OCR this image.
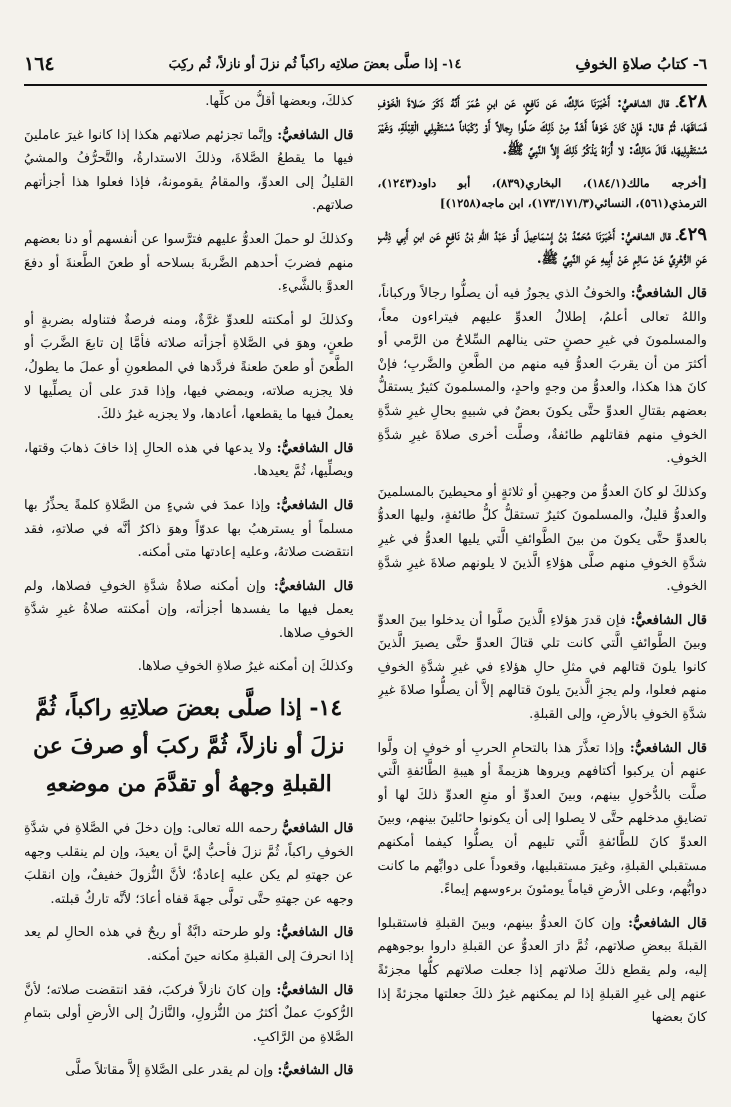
٦- كتابُ صلاةِ الخوفِ
١٤- إذا صلَّى بعضَ صلاتِه راكباً ثُم نزلَ أو نازلاً، ثُم ركِبَ
١٦٤

٤٢٨ـ قال الشافعيُّ: أَخْبَرَنَا مَالِكٌ، عَن نَافِعٍ، عَن ابنِ عُمَرَ أَنَّهُ ذَكَرَ صَلاةَ الْخَوْفِ فَسَاقَهَا، ثُمَّ قال: فَإِنْ كَانَ خَوْفاً أَشَدَّ مِنْ ذَلِكَ صَلَّوا رِجالاً أَوْ رُكْبَاناً مُسْتَقْبِلِي الْقِبْلَةِ، وَغَيْرَ مُسْتَقْبِلِيهَا، قَالَ مَالِكٌ: لا أُرَاهُ يَذْكُرُ ذَلِكَ إِلاَّ النَّبِيِّ ﷺ.

[أخرجه مالك(١٨٤/١)، البخاري(٨٣٩)، أبو داود(١٢٤٣)، الترمذي(٥٦١)، النسائي(١٧٣/١٧١/٣)، ابن ماجه(١٢٥٨)]

٤٢٩ـ قال الشافعيُّ: أَخْبَرَنَا مُحَمَّدُ بْنُ إِسْمَاعِيلَ أَوْ عَبْدُ اللهِ بْنُ نَافِعٍ عَن ابنِ أَبِي ذِئْبٍ عَنِ الزُّهْرِيِّ عَنْ سَالِمٍ عَنْ أَبِيهِ عَنِ النَّبِيِّ ﷺ.

قال الشافعيُّ: والخوفُ الذي يجوزُ فيه أن يصلُّوا رجالاً وركباناً، واللهُ تعالى أعلمُ، إطلالُ العدوِّ عليهم فيتراءون معاً، والمسلمونَ في غيرِ حصنٍ حتى ينالهم السِّلاحُ من الرَّمي أو أكثرَ من أن يقربَ العدوُّ فيه منهم من الطَّعنِ والضَّربِ؛ فإنْ كانَ هذا هكذا، والعدوُّ من وجهٍ واحدٍ، والمسلمونَ كثيرٌ يستقلُّ بعضهم بقتالِ العدوِّ حتَّى يكونَ بعضٌ في شبيهٍ بحالِ غيرِ شدَّةِ الخوفِ منهم فقاتلهم طائفةٌ، وصلَّت أخرى صلاةَ غيرِ شدَّةِ الخوفِ.

وكذلكَ لو كانَ العدوُّ من وجهينِ أو ثلاثةٍ أو محيطينَ بالمسلمينَ والعدوُّ قليلٌ، والمسلمونَ كثيرٌ تستقلُّ كلُّ طائفةٍ، وليها العدوُّ بالعدوِّ حتَّى يكونَ من بينَ الطَّوائفِ الَّتي يليها العدوُّ في غيرِ شدَّةِ الخوفِ منهم صلَّى هؤلاءِ الَّذينَ لا يلونهم صلاةَ غيرِ شدَّةِ الخوفِ.

قال الشافعيُّ: فإن قدرَ هؤلاءِ الَّذينَ صلَّوا أن يدخلوا بينَ العدوِّ وبينَ الطَّوائفِ الَّتي كانت تلي قتالَ العدوِّ حتَّى يصيرَ الَّذينَ كانوا يلونَ قتالهم في مثلِ حالِ هؤلاءِ في غيرِ شدَّةِ الخوفِ منهم فعلوا، ولم يجزِ الَّذينَ يلونَ قتالهم إلاَّ أن يصلُّوا صلاةَ غيرِ شدَّةِ الخوفِ بالأرضِ، وإلى القبلةِ.

قال الشافعيُّ: وإذا تعذَّرَ هذا بالتحامِ الحربِ أو خوفٍ إن ولَّوا عنهم أن يركبوا أكتافهم ويروها هزيمةً أو هيبةِ الطَّائفةِ الَّتي صلَّت بالدُّخولِ بينهم، وبينَ العدوِّ أو منعِ العدوِّ ذلكَ لها أو تضايقِ مدخلهم حتَّى لا يصلوا إلى أن يكونوا حائلينَ بينهم، وبينَ العدوِّ كانَ للطَّائفةِ الَّتي تليهم أن يصلُّوا كيفما أمكنهم مستقبلي القبلةِ، وغيرَ مستقبليها، وقعوداً على دوابِّهم ما كانت دوابُّهم، وعلى الأرضِ قياماً يومئونَ برءوسهم إيماءً.

قال الشافعيُّ: وإن كانَ العدوُّ بينهم، وبينَ القبلةِ فاستقبلوا القبلةَ ببعضِ صلاتهم، ثُمَّ دارَ العدوُّ عن القبلةِ داروا بوجوههم إليه، ولم يقطع ذلكَ صلاتهم إذا جعلت صلاتهم كلُّها مجزئةً عنهم إلى غيرِ القبلةِ إذا لم يمكنهم غيرُ ذلكَ جعلتها مجزئةً إذا كانَ بعضها

كذلكَ، وبعضها أقلُّ من كلِّها.

قال الشافعيُّ: وإنَّما تجزئهم صلاتهم هكذا إذا كانوا غيرَ عاملينَ فيها ما يقطعُ الصَّلاةَ، وذلكَ الاستدارةُ، والتَّحرُّفُ والمشيُ القليلُ إلى العدوِّ، والمقامُ يقومونهُ، فإذا فعلوا هذا أجزأتهم صلاتهم.

وكذلكَ لو حملَ العدوُّ عليهم فترَّسوا عن أنفسهم أو دنا بعضهم منهم فضربَ أحدهم الضَّربةَ بسلاحه أو طعنَ الطَّعنةَ أو دفعَ العدوَّ بالشَّيءِ.

وكذلكَ لو أمكنته للعدوِّ غرَّةٌ، ومنه فرصةٌ فتناوله بضربةٍ أو طعنٍ، وهوَ في الصَّلاةِ أجزأته صلاته فأمَّا إن تابعَ الضَّربَ أو الطَّعنَ أو طعنَ طعنةً فردَّدها في المطعونِ أو عملَ ما يطولُ، فلا يجزيه صلاته، ويمضي فيها، وإذا قدرَ على أن يصلِّيها لا يعملُ فيها ما يقطعها، أعادها، ولا يجزيه غيرُ ذلكَ.

قال الشافعيُّ: ولا يدعها في هذه الحالِ إذا خافَ ذهابَ وقتها، ويصلِّيها، ثُمَّ يعيدها.

قال الشافعيُّ: وإذا عمدَ في شيءٍ من الصَّلاةِ كلمةً يحذِّرُ بها مسلماً أو يسترهبُ بها عدوّاً وهوَ ذاكرٌ أنَّه في صلاتهِ، فقد انتقضت صلاتهُ، وعليه إعادتها متى أمكنه.

قال الشافعيُّ: وإن أمكنه صلاةُ شدَّةِ الخوفِ فصلاها، ولم يعمل فيها ما يفسدها أجزأته، وإن أمكنته صلاةُ غيرِ شدَّةِ الخوفِ صلاها.

وكذلكَ إن أمكنه غيرُ صلاةِ الخوفِ صلاها.

١٤- إذا صلَّى بعضَ صلاتِهِ راكباً، ثُمَّ نزلَ أو نازلاً، ثُمَّ ركبَ أو صرفَ عن القبلةِ وجههُ أو تقدَّمَ من موضعهِ

قال الشافعيُّ رحمه الله تعالى: وإن دخلَ في الصَّلاةِ في شدَّةِ الخوفِ راكباً، ثُمَّ نزلَ فأحبُّ إليَّ أن يعيدَ، وإن لم ينقلب وجهه عن جهتهِ لم يكن عليه إعادةٌ؛ لأنَّ النُّزولَ خفيفٌ، وإن انقلبَ وجهه عن جهتهِ حتَّى تولَّى جهةَ قفاه أعادَ؛ لأنَّه تاركٌ قبلته.

قال الشافعيُّ: ولو طرحته دابَّةٌ أو ريحٌ في هذه الحالِ لم يعد إذا انحرفَ إلى القبلةِ مكانه حينَ أمكنه.

قال الشافعيُّ: وإن كانَ نازلاً فركبَ، فقد انتقضت صلاته؛ لأنَّ الرُّكوبَ عملٌ أكثرُ من النُّزولِ، والنَّازلُ إلى الأرضِ أولى بتمامِ الصَّلاةِ من الرَّاكبِ.

قال الشافعيُّ: وإن لم يقدر على الصَّلاةِ إلاَّ مقاتلاً صلَّى
